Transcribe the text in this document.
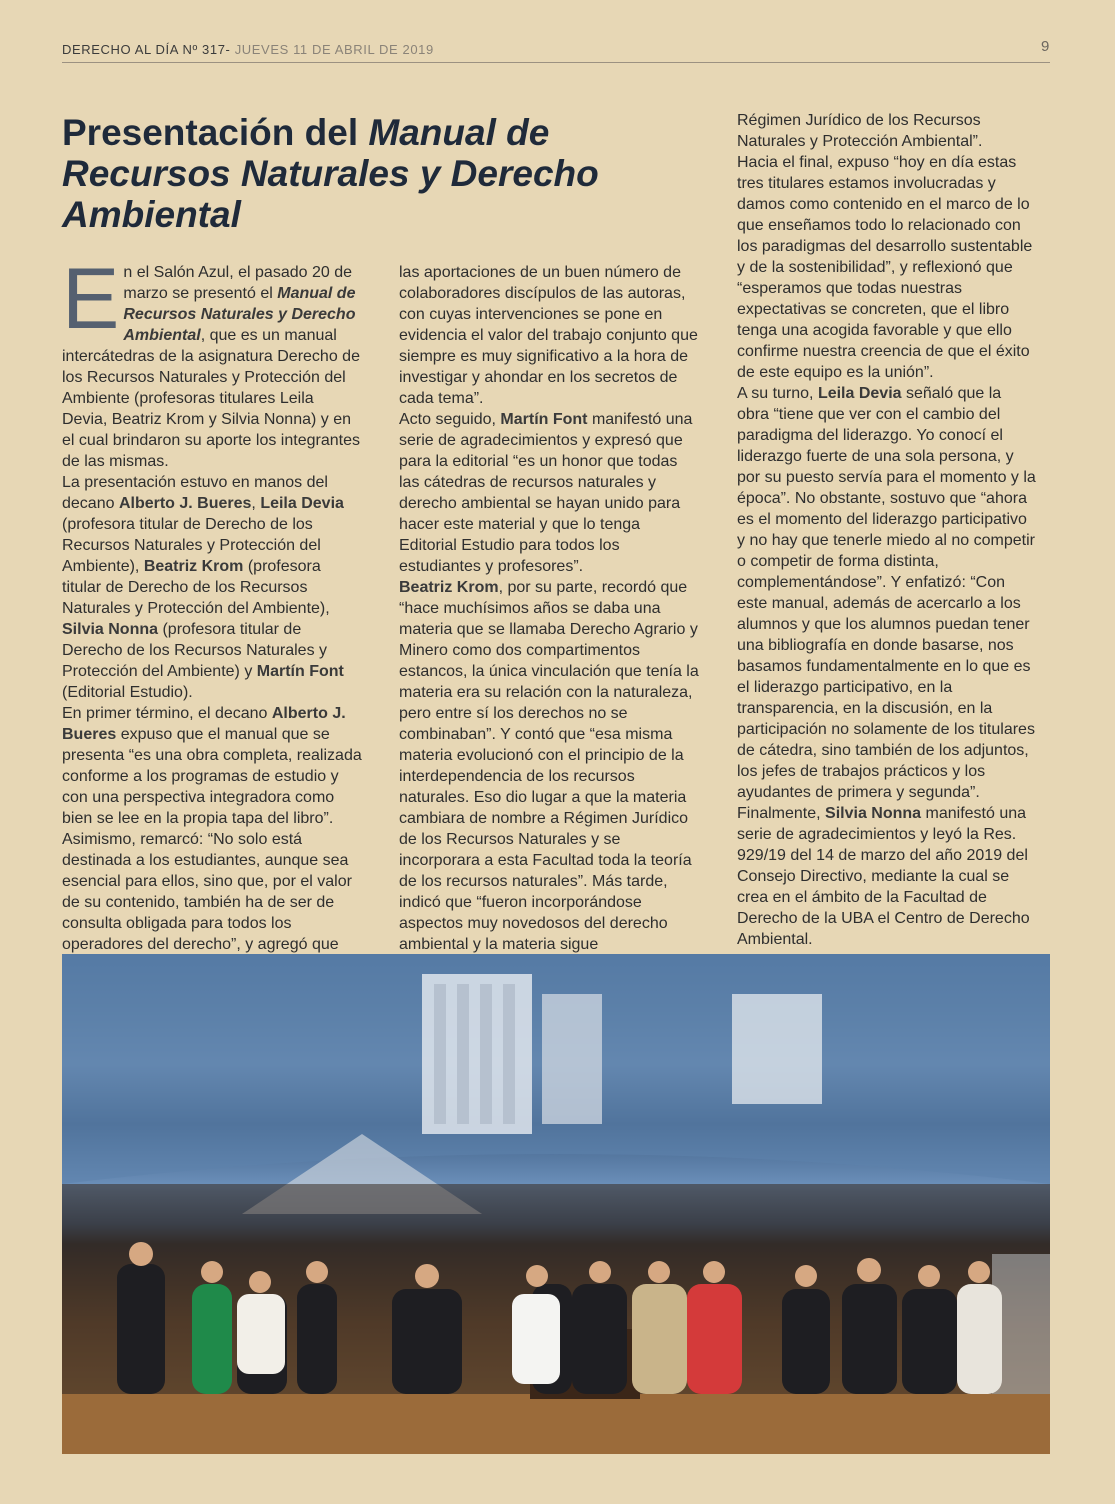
DERECHO AL DÍA Nº 317- JUEVES 11 DE ABRIL DE 2019	9
Presentación del Manual de Recursos Naturales y Derecho Ambiental

En el Salón Azul, el pasado 20 de marzo se presentó el Manual de Recursos Naturales y Derecho Ambiental, que es un manual intercátedras de la asignatura Derecho de los Recursos Naturales y Protección del Ambiente (profesoras titulares Leila Devia, Beatriz Krom y Silvia Nonna) y en el cual brindaron su aporte los integrantes de las mismas.

La presentación estuvo en manos del decano Alberto J. Bueres, Leila Devia (profesora titular de Derecho de los Recursos Naturales y Protección del Ambiente), Beatriz Krom (profesora titular de Derecho de los Recursos Naturales y Protección del Ambiente), Silvia Nonna (profesora titular de Derecho de los Recursos Naturales y Protección del Ambiente) y Martín Font (Editorial Estudio).

En primer término, el decano Alberto J. Bueres expuso que el manual que se presenta “es una obra completa, realizada conforme a los programas de estudio y con una perspectiva integradora como bien se lee en la propia tapa del libro”. Asimismo, remarcó: “No solo está destinada a los estudiantes, aunque sea esencial para ellos, sino que, por el valor de su contenido, también ha de ser de consulta obligada para todos los operadores del derecho”, y agregó que

las aportaciones de un buen número de colaboradores discípulos de las autoras, con cuyas intervenciones se pone en evidencia el valor del trabajo conjunto que siempre es muy significativo a la hora de investigar y ahondar en los secretos de cada tema”.

Acto seguido, Martín Font manifestó una serie de agradecimientos y expresó que para la editorial “es un honor que todas las cátedras de recursos naturales y derecho ambiental se hayan unido para hacer este material y que lo tenga Editorial Estudio para todos los estudiantes y profesores”.

Beatriz Krom, por su parte, recordó que “hace muchísimos años se daba una materia que se llamaba Derecho Agrario y Minero como dos compartimentos estancos, la única vinculación que tenía la materia era su relación con la naturaleza, pero entre sí los derechos no se combinaban”. Y contó que “esa misma materia evolucionó con el principio de la interdependencia de los recursos naturales. Eso dio lugar a que la materia cambiara de nombre a Régimen Jurídico de los Recursos Naturales y se incorporara a esta Facultad toda la teoría de los recursos naturales”. Más tarde, indicó que “fueron incorporándose aspectos muy novedosos del derecho ambiental y la materia sigue

Régimen Jurídico de los Recursos Naturales y Protección Ambiental”.

Hacia el final, expuso “hoy en día estas tres titulares estamos involucradas y damos como contenido en el marco de lo que enseñamos todo lo relacionado con los paradigmas del desarrollo sustentable y de la sostenibilidad”, y reflexionó que “esperamos que todas nuestras expectativas se concreten, que el libro tenga una acogida favorable y que ello confirme nuestra creencia de que el éxito de este equipo es la unión”.

A su turno, Leila Devia señaló que la obra “tiene que ver con el cambio del paradigma del liderazgo. Yo conocí el liderazgo fuerte de una sola persona, y por su puesto servía para el momento y la época”. No obstante, sostuvo que “ahora es el momento del liderazgo participativo y no hay que tenerle miedo al no competir o competir de forma distinta, complementándose”. Y enfatizó: “Con este manual, además de acercarlo a los alumnos y que los alumnos puedan tener una bibliografía en donde basarse, nos basamos fundamentalmente en lo que es el liderazgo participativo, en la transparencia, en la discusión, en la participación no solamente de los titulares de cátedra, sino también de los adjuntos, los jefes de trabajos prácticos y los ayudantes de primera y segunda”.

Finalmente, Silvia Nonna manifestó una serie de agradecimientos y leyó la Res. 929/19 del 14 de marzo del año 2019 del Consejo Directivo, mediante la cual se crea en el ámbito de la Facultad de Derecho de la UBA el Centro de Derecho Ambiental.
